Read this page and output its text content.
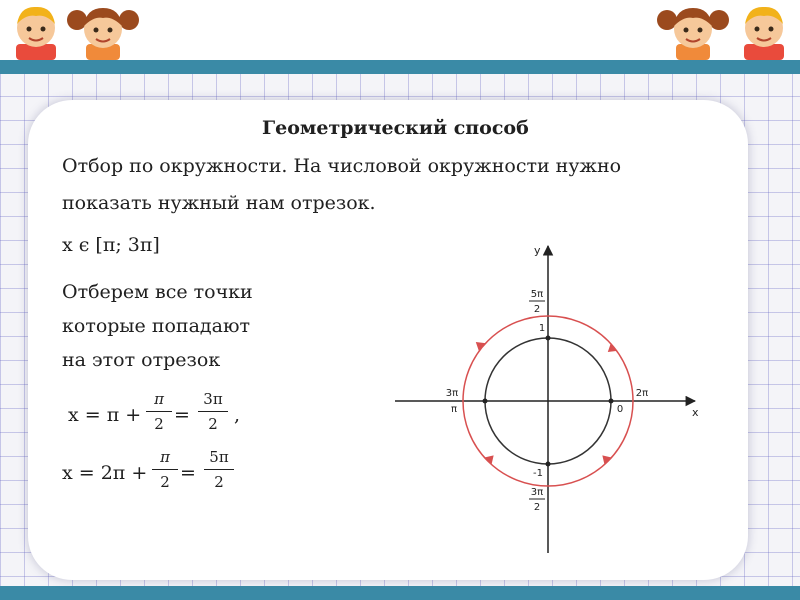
Геометрический способ
Отбор по окружности. На числовой окружности нужно
показать нужный нам отрезок.
x ϵ [π; 3π]
Отберем все точки
которые попадают
на этот отрезок
x = π +
π
2 =
3π
2 ,
x = 2π +
π
2 =
5π
2
y
x
5π
2
1
-1
3π
2
3π
π	0
2π
